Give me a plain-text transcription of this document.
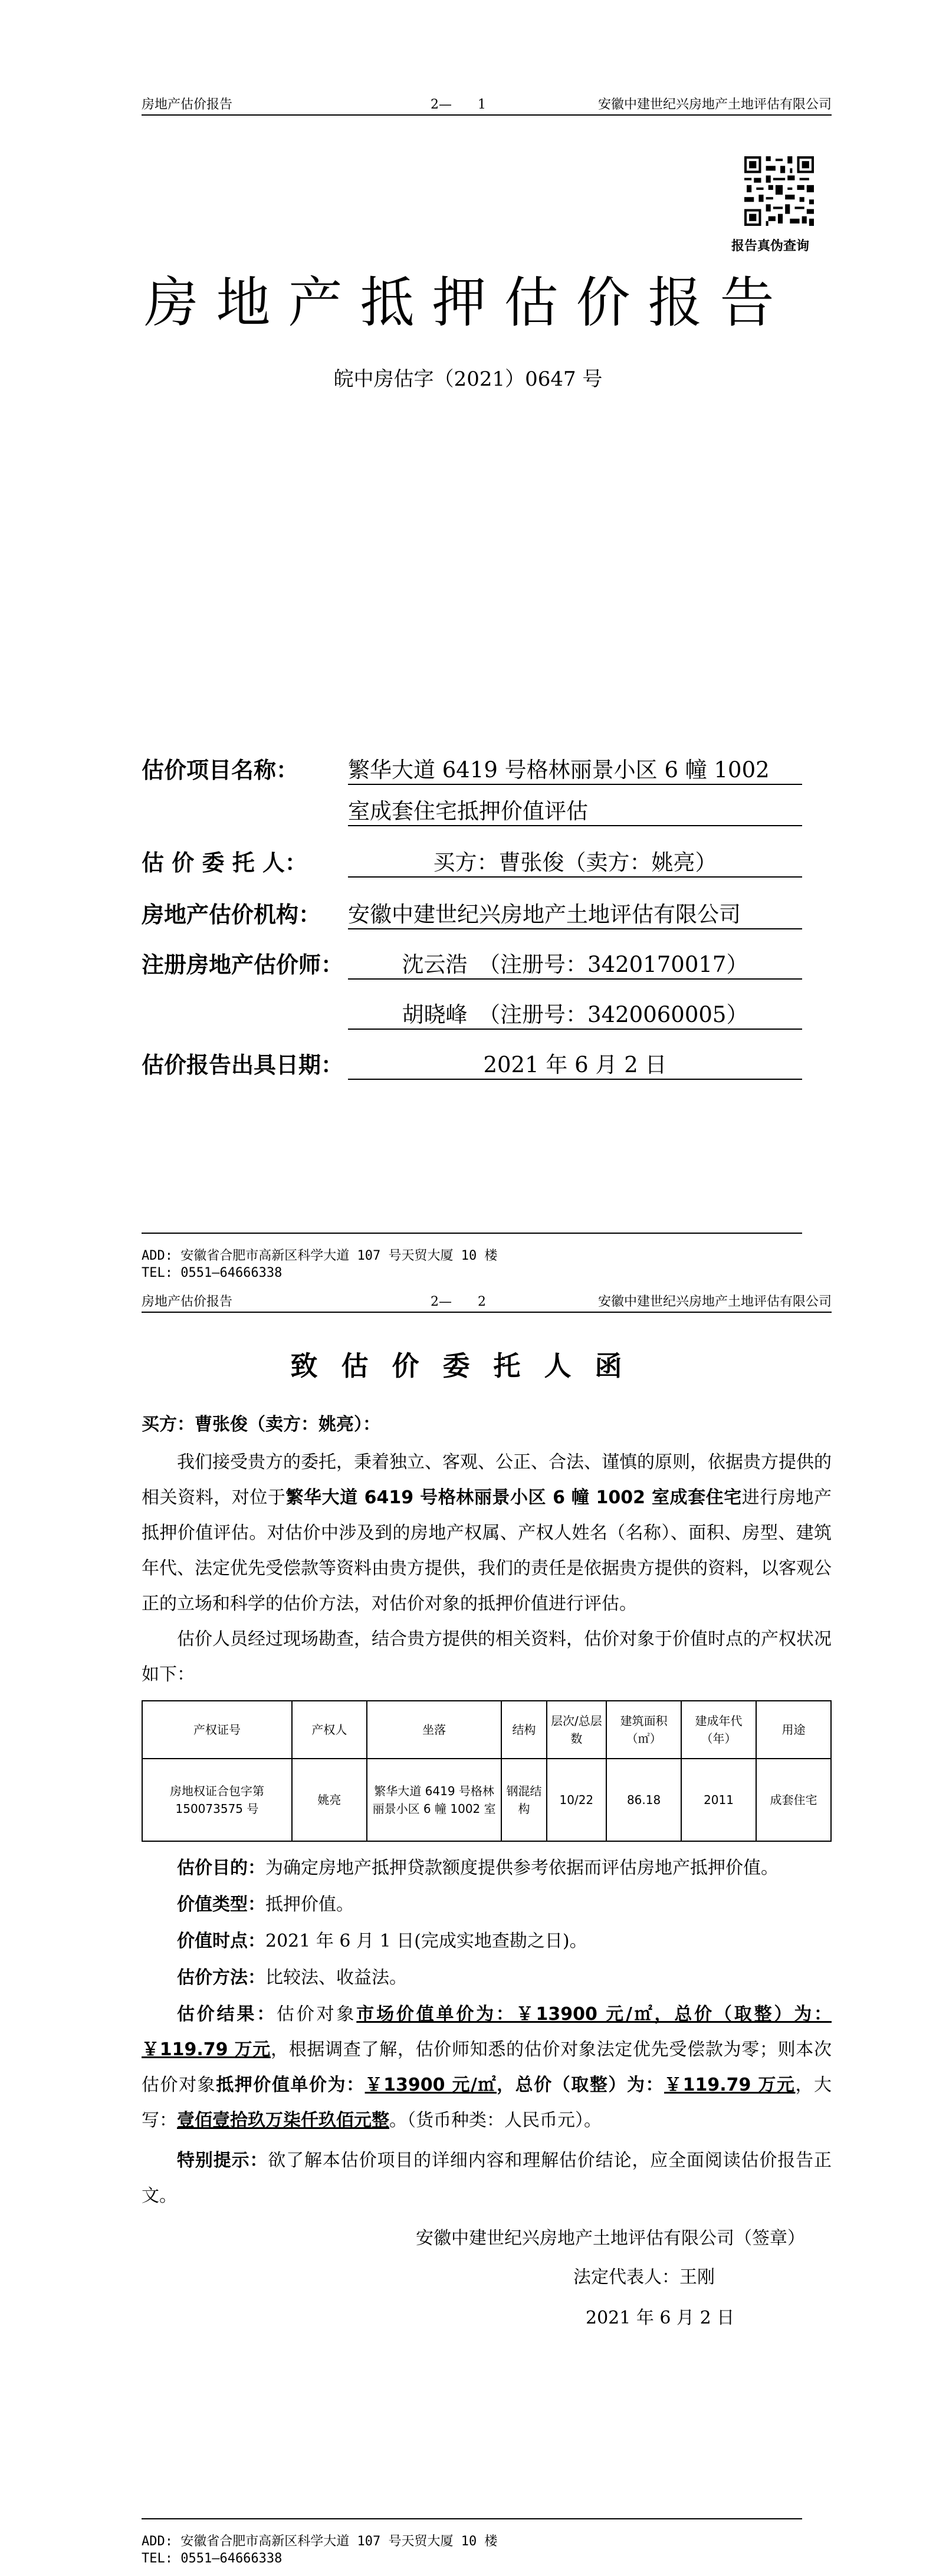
房地产估价报告	2—　　1	安徽中建世纪兴房地产土地评估有限公司
报告真伪查询
房地产抵押估价报告
皖中房估字（2021）0647 号
估价项目名称： 繁华大道 6419 号格林丽景小区 6 幢 1002
室成套住宅抵押价值评估
估 价 委 托 人：	买方：曹张俊（卖方：姚亮）
房地产估价机构： 安徽中建世纪兴房地产土地评估有限公司
注册房地产估价师：	沈云浩　（注册号：3420170017）
胡晓峰　（注册号：3420060005）
估价报告出具日期：	2021 年 6 月 2 日
ADD: 安徽省合肥市高新区科学大道 107 号天贸大厦 10 楼
TEL: 0551—64666338
房地产估价报告	2—　　2	安徽中建世纪兴房地产土地评估有限公司
致估价委托人函
买方：曹张俊（卖方：姚亮）：
我们接受贵方的委托，秉着独立、客观、公正、合法、谨慎的原则，依据贵方提供的相关资料，对位于繁华大道 6419 号格林丽景小区 6 幢 1002 室成套住宅进行房地产抵押价值评估。对估价中涉及到的房地产权属、产权人姓名（名称）、面积、房型、建筑年代、法定优先受偿款等资料由贵方提供，我们的责任是依据贵方提供的资料，以客观公正的立场和科学的估价方法，对估价对象的抵押价值进行评估。
估价人员经过现场勘查，结合贵方提供的相关资料，估价对象于价值时点的产权状况如下：
产权证号	产权人	坐落	结构	层次/总层数	建筑面积（㎡）	建成年代（年）	用途
房地权证合包字第 150073575 号	姚亮	繁华大道 6419 号格林丽景小区 6 幢 1002 室	钢混结构	10/22	86.18	2011	成套住宅
估价目的：为确定房地产抵押贷款额度提供参考依据而评估房地产抵押价值。
价值类型：抵押价值。
价值时点：2021 年 6 月 1 日(完成实地查勘之日)。
估价方法：比较法、收益法。
估价结果：估价对象市场价值单价为：￥13900 元/㎡，总价（取整）为：￥119.79 万元，根据调查了解，估价师知悉的估价对象法定优先受偿款为零；则本次估价对象抵押价值单价为：￥13900 元/㎡，总价（取整）为：￥119.79 万元，大写：壹佰壹拾玖万柒仟玖佰元整。（货币种类：人民币元）。
特别提示：欲了解本估价项目的详细内容和理解估价结论，应全面阅读估价报告正文。
安徽中建世纪兴房地产土地评估有限公司（签章）
法定代表人：王刚
2021 年 6 月 2 日
ADD: 安徽省合肥市高新区科学大道 107 号天贸大厦 10 楼
TEL: 0551—64666338
